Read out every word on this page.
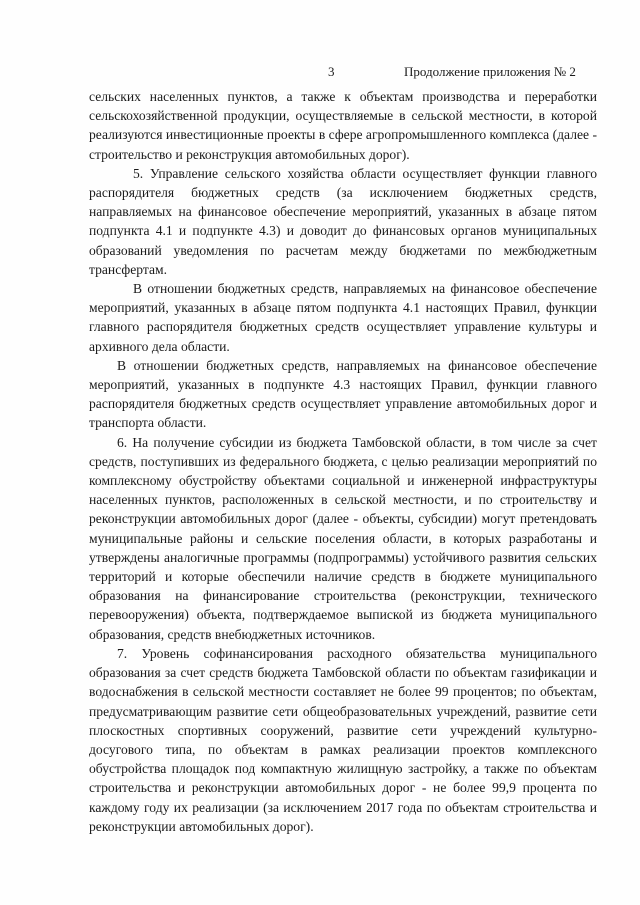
3	Продолжение приложения № 2

сельских населенных пунктов, а также к объектам производства и переработки сельскохозяйственной продукции, осуществляемые в сельской местности, в которой реализуются инвестиционные проекты в сфере агропромышленного комплекса (далее - строительство и реконструкция автомобильных дорог).

5. Управление сельского хозяйства области осуществляет функции главного распорядителя бюджетных средств (за исключением бюджетных средств, направляемых на финансовое обеспечение мероприятий, указанных в абзаце пятом подпункта 4.1 и подпункте 4.3) и доводит до финансовых органов муниципальных образований уведомления по расчетам между бюджетами по межбюджетным трансфертам.

В отношении бюджетных средств, направляемых на финансовое обеспечение мероприятий, указанных в абзаце пятом подпункта 4.1 настоящих Правил, функции главного распорядителя бюджетных средств осуществляет управление культуры и архивного дела области.

В отношении бюджетных средств, направляемых на финансовое обеспечение мероприятий, указанных в подпункте 4.3 настоящих Правил, функции главного распорядителя бюджетных средств осуществляет управление автомобильных дорог и транспорта области.

6. На получение субсидии из бюджета Тамбовской области, в том числе за счет средств, поступивших из федерального бюджета, с целью реализации мероприятий по комплексному обустройству объектами социальной и инженерной инфраструктуры населенных пунктов, расположенных в сельской местности, и по строительству и реконструкции автомобильных дорог (далее - объекты, субсидии) могут претендовать муниципальные районы и сельские поселения области, в которых разработаны и утверждены аналогичные программы (подпрограммы) устойчивого развития сельских территорий и которые обеспечили наличие средств в бюджете муниципального образования на финансирование строительства (реконструкции, технического перевооружения) объекта, подтверждаемое выпиской из бюджета муниципального образования, средств внебюджетных источников.

7. Уровень софинансирования расходного обязательства муниципального образования за счет средств бюджета Тамбовской области по объектам газификации и водоснабжения в сельской местности составляет не более 99 процентов; по объектам, предусматривающим развитие сети общеобразовательных учреждений, развитие сети плоскостных спортивных сооружений, развитие сети учреждений культурно-досугового типа, по объектам в рамках реализации проектов комплексного обустройства площадок под компактную жилищную застройку, а также по объектам строительства и реконструкции автомобильных дорог - не более 99,9 процента по каждому году их реализации (за исключением 2017 года по объектам строительства и реконструкции автомобильных дорог).
